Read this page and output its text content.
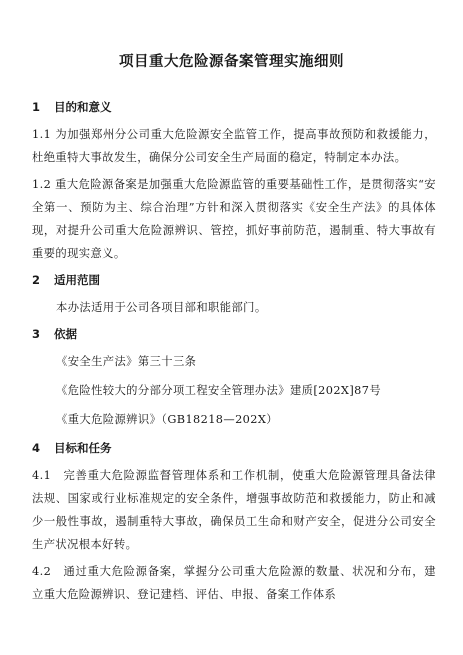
项目重大危险源备案管理实施细则
1 目的和意义

1.1 为加强郑州分公司重大危险源安全监管工作，提高事故预防和救援能力，杜绝重特大事故发生，确保分公司安全生产局面的稳定，特制定本办法。

1.2 重大危险源备案是加强重大危险源监管的重要基础性工作，是贯彻落实“安全第一、预防为主、综合治理”方针和深入贯彻落实《安全生产法》的具体体现，对提升公司重大危险源辨识、管控，抓好事前防范，遏制重、特大事故有重要的现实意义。

2 适用范围

本办法适用于公司各项目部和职能部门。

3 依据

《安全生产法》第三十三条

《危险性较大的分部分项工程安全管理办法》建质[202X]87号

《重大危险源辨识》（GB18218—202X）

4 目标和任务

4.1　完善重大危险源监督管理体系和工作机制，使重大危险源管理具备法律法规、国家或行业标准规定的安全条件，增强事故防范和救援能力，防止和减少一般性事故，遏制重特大事故，确保员工生命和财产安全，促进分公司安全生产状况根本好转。

4.2　通过重大危险源备案，掌握分公司重大危险源的数量、状况和分布，建立重大危险源辨识、登记建档、评估、申报、备案工作体系
